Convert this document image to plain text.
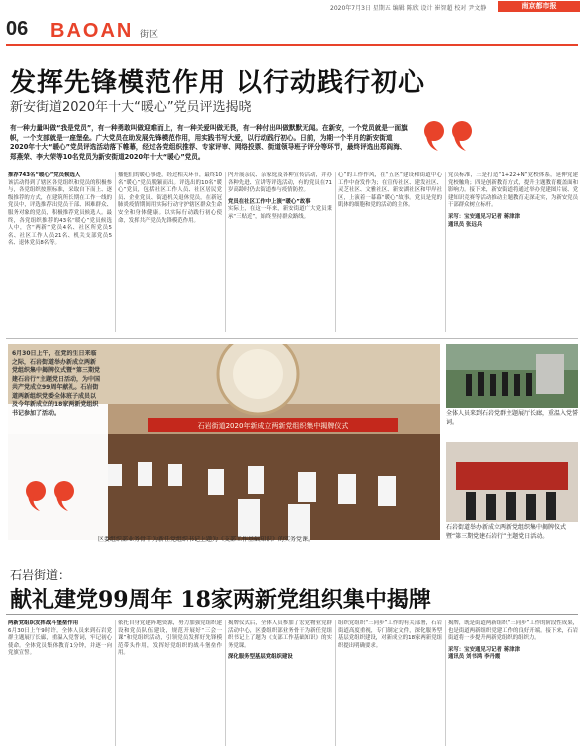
2020年7月3日 星期五 编辑 陈欣 设计 崔智超 校对 尹文静	南京都市报
06 BAOAN 街区
发挥先锋模范作用 以行动践行初心
新安街道2020年十大“暖心”党员评选揭晓
有一种力量叫做“我是党员”，有一种勇敢叫做迎难而上，有一种关爱叫做无畏，有一种付出叫做默默无闻。在新安，一个党员就是一面旗帜，一个支部就是一座堡垒。广大党员在助发展先锋模范作用，用实践书写大爱，以行动践行初心。日前，为期一个半月的新安街道2020年十大“暖心”党员评选活动落下帷幕，经过各党组织推荐、专家评审、网络投票、街道领导班子评分等环节，最终评选出郑阎海、郑燕荣、李大荣等10名党员为新安街道2020年十大“暖心”党员。
推荐743名“暖心”党员候选人
该活动得到了辖区各党组织和党员的积极参与，各党组织按照标准，采取自下而上、逐级推荐的方式，在建筑所长期在工作一线的党员中，评选推荐出党员干部、困难群众、服务对象的党员，积极推荐党员候选人。最终，各党组织推荐的43名“暖心”党员候选人中，含“两新”党员4名、社区所党员5名、社区工作人员21名、机关支部党员5名、退休党员8名等。
播他们的暖心事迹，经过相关环节，最终10名“暖心”党员脱颖而出。评选出的10名“暖心”党员，包括社区工作人员、社区居民党员、企业党员、街道机关退休党员，在新冠肺炎疫情期间用实际行动守护辖区群众生命安全和身体健康。以实际行动践行初心使命，发挥共产党员先锋模范作用。
内开展亲民、亲家庭及各种宣传活动，并办各种先进、宣讲等评选活动，有的党员在71岁高龄时仍去街道参与疫情防控。
党员在社区工作中上演“暖心”故事
实际上，在这一年来，新安街道广大党员秉承“三贴近”，始终坚持群众路线。
心”的工作作风，在“五区”建设和街道中心工作中奋发作为；在宣传社区、建发社区、灵芝社区、文雅社区、新安湖社区和甲岸社区，上演着一幕幕“暖心”故事。党员是党的肌体的细胞和党的活动的主体。
党员标准，三是打造“1+22+N”党校体系，延伸党建党校触角；四是创新教育方式，提升主题教育覆盖面和影响力。接下来，新安街道将通过举办党建图片展、党建知识竞赛等活动推动主题教育走深走实，为新安党员干部群众树立标杆。
采写：宝安通见习记者 蒋津津
通讯员 张远兵
石岩街道2020年新成立两新党组织集中揭牌仪式
6月30日上午，在党的生日来临之际，石岩街道举办新成立两新党组织集中揭牌仪式暨“第三期党建石岩行”主题党日活动，为中国共产党成立99周年献礼。石岩街道两新组织党委全体班子成员以及今年新成立的18家两新党组织书记参加了活动。
区委组织部业务骨干为新任党组织书记上题为《支部工作基础知识》的实务党课。
全体人员来到石岩党群主题展厅长廊，重温入党誓词。
石岩街道举办新成立两新党组织集中揭牌仪式暨“第三期党建石岩行”主题党日活动。
石岩街道：
献礼建党99周年 18家两新党组织集中揭牌
两新党组织发挥战斗堡垒作用
6月30日上午9时许，全体人员来到石岩党群主题展厅长廊，重温入党誓词，牢记初心使命。全体党员集体教育1分钟，并逐一向党旗宣誓。
依托自身党建阵地资源，努力加强党组织建设和党员队伍建设，规范开展好“三会一课”和党组织活动，引领党员发挥好先锋模范带头作用，发挥好党组织的战斗堡垒作用。
揭牌仪式后，全体人员参加了宏党物业党群活动中心，区委组织部业务骨干为新任党组织书记上了题为《支部工作基础知识》的实务党课。
深化服务型基层党组织建设
组织党组织“三同步”工作的有关部署，石岩街道高度重视，专门制定文件，深化服务型基层党组织建设，对新成立的18家两新党组织提出明确要求。
揭牌，既是街道两新组织“三同步”工作的阶段性成果，也是街道两新组织党建工作的良好开端。接下来，石岩街道将一步提升两新党组织的组织力。
采写：宝安通见习记者 蒋津津
通讯员 刘书鸿 李丹霞
